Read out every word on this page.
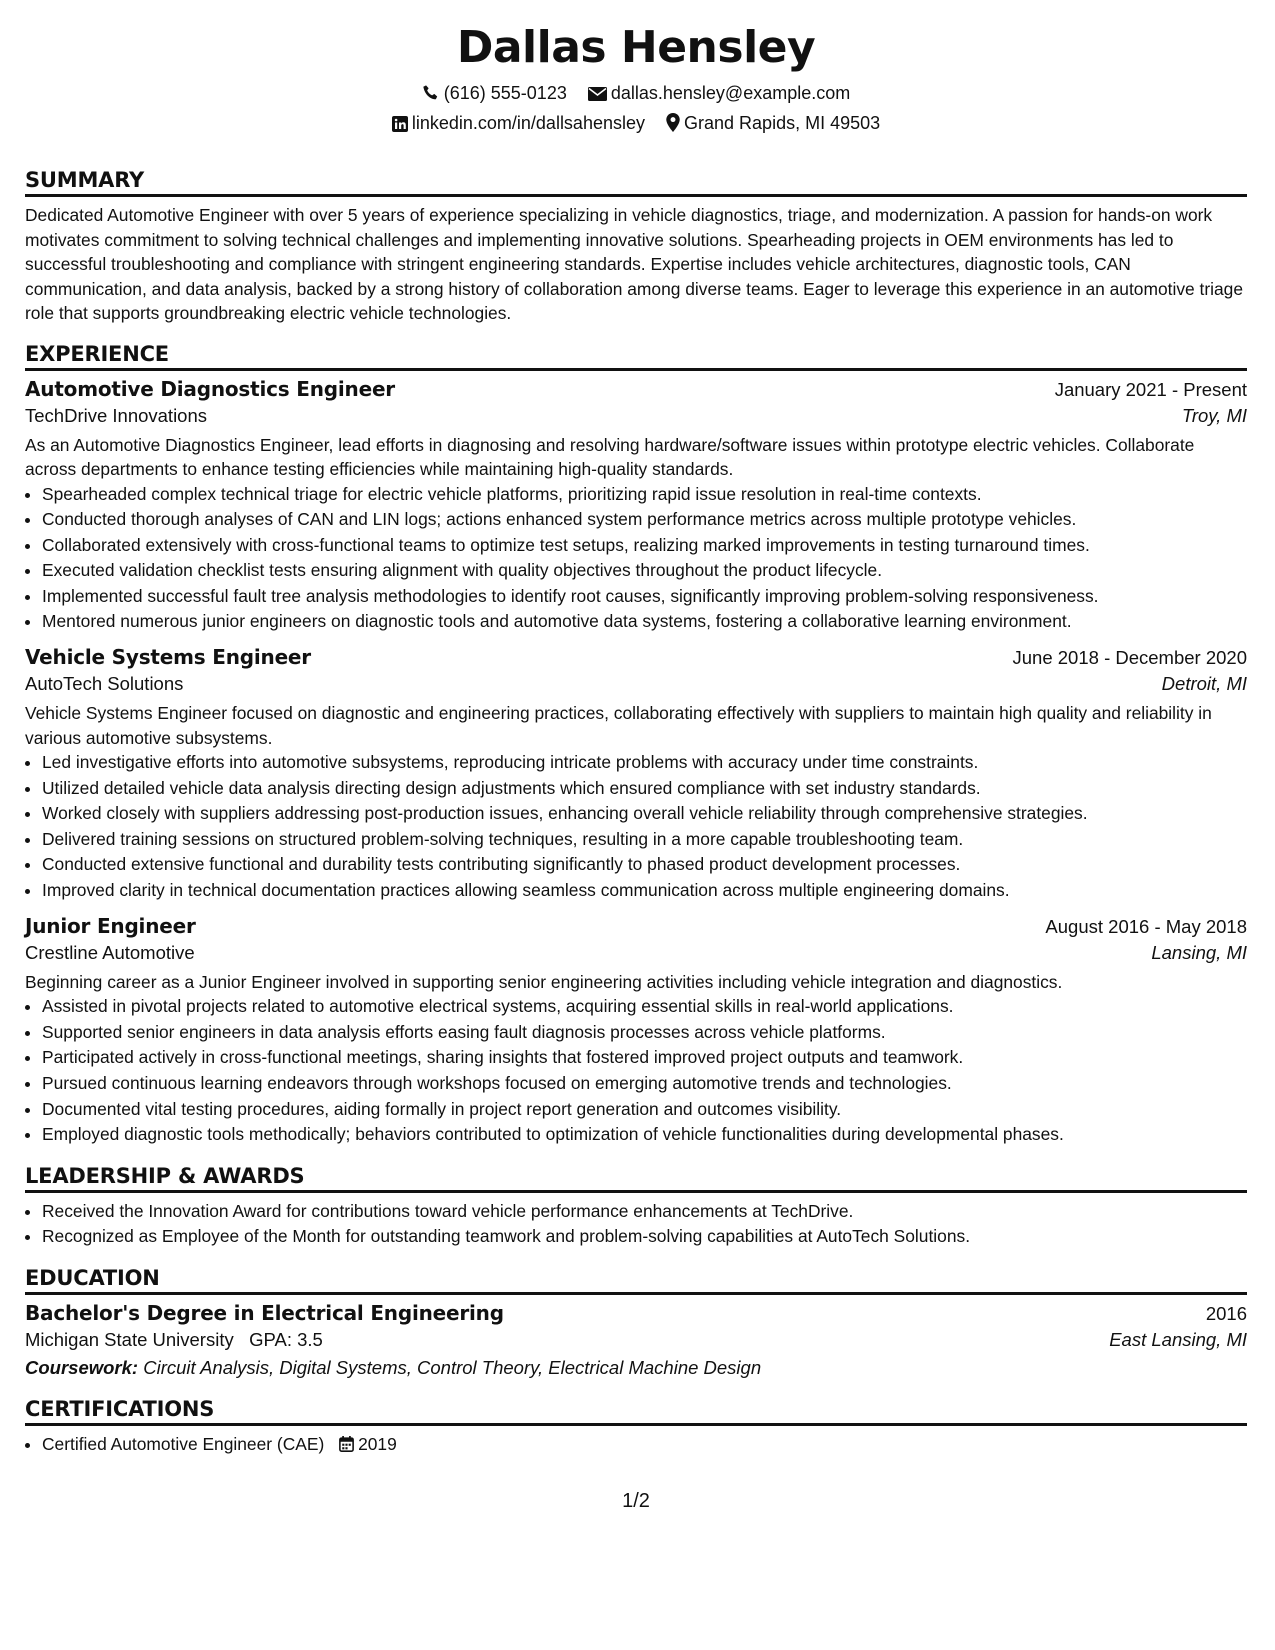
Dallas Hensley
(616) 555-0123 dallas.hensley@example.com
linkedin.com/in/dallsahensley Grand Rapids, MI 49503
SUMMARY

Dedicated Automotive Engineer with over 5 years of experience specializing in vehicle diagnostics, triage, and modernization. A passion for hands-on work motivates commitment to solving technical challenges and implementing innovative solutions. Spearheading projects in OEM environments has led to successful troubleshooting and compliance with stringent engineering standards. Expertise includes vehicle architectures, diagnostic tools, CAN communication, and data analysis, backed by a strong history of collaboration among diverse teams. Eager to leverage this experience in an automotive triage role that supports groundbreaking electric vehicle technologies.

EXPERIENCE
Automotive Diagnostics Engineer	January 2021 - Present
TechDrive Innovations	Troy, MI

As an Automotive Diagnostics Engineer, lead efforts in diagnosing and resolving hardware/software issues within prototype electric vehicles. Collaborate across departments to enhance testing efficiencies while maintaining high-quality standards.

• Spearheaded complex technical triage for electric vehicle platforms, prioritizing rapid issue resolution in real-time contexts.
• Conducted thorough analyses of CAN and LIN logs; actions enhanced system performance metrics across multiple prototype vehicles.
• Collaborated extensively with cross-functional teams to optimize test setups, realizing marked improvements in testing turnaround times.
• Executed validation checklist tests ensuring alignment with quality objectives throughout the product lifecycle.
• Implemented successful fault tree analysis methodologies to identify root causes, significantly improving problem-solving responsiveness.
• Mentored numerous junior engineers on diagnostic tools and automotive data systems, fostering a collaborative learning environment.
Vehicle Systems Engineer	June 2018 - December 2020
AutoTech Solutions	Detroit, MI

Vehicle Systems Engineer focused on diagnostic and engineering practices, collaborating effectively with suppliers to maintain high quality and reliability in various automotive subsystems.

• Led investigative efforts into automotive subsystems, reproducing intricate problems with accuracy under time constraints.
• Utilized detailed vehicle data analysis directing design adjustments which ensured compliance with set industry standards.
• Worked closely with suppliers addressing post-production issues, enhancing overall vehicle reliability through comprehensive strategies.
• Delivered training sessions on structured problem-solving techniques, resulting in a more capable troubleshooting team.
• Conducted extensive functional and durability tests contributing significantly to phased product development processes.
• Improved clarity in technical documentation practices allowing seamless communication across multiple engineering domains.
Junior Engineer	August 2016 - May 2018
Crestline Automotive	Lansing, MI

Beginning career as a Junior Engineer involved in supporting senior engineering activities including vehicle integration and diagnostics.

• Assisted in pivotal projects related to automotive electrical systems, acquiring essential skills in real-world applications.
• Supported senior engineers in data analysis efforts easing fault diagnosis processes across vehicle platforms.
• Participated actively in cross-functional meetings, sharing insights that fostered improved project outputs and teamwork.
• Pursued continuous learning endeavors through workshops focused on emerging automotive trends and technologies.
• Documented vital testing procedures, aiding formally in project report generation and outcomes visibility.
• Employed diagnostic tools methodically; behaviors contributed to optimization of vehicle functionalities during developmental phases.
LEADERSHIP & AWARDS
• Received the Innovation Award for contributions toward vehicle performance enhancements at TechDrive.
• Recognized as Employee of the Month for outstanding teamwork and problem-solving capabilities at AutoTech Solutions.
EDUCATION
Bachelor's Degree in Electrical Engineering	2016
Michigan State University GPA: 3.5	East Lansing, MI
Coursework: Circuit Analysis, Digital Systems, Control Theory, Electrical Machine Design
CERTIFICATIONS
• Certified Automotive Engineer (CAE) 2019
1/2
